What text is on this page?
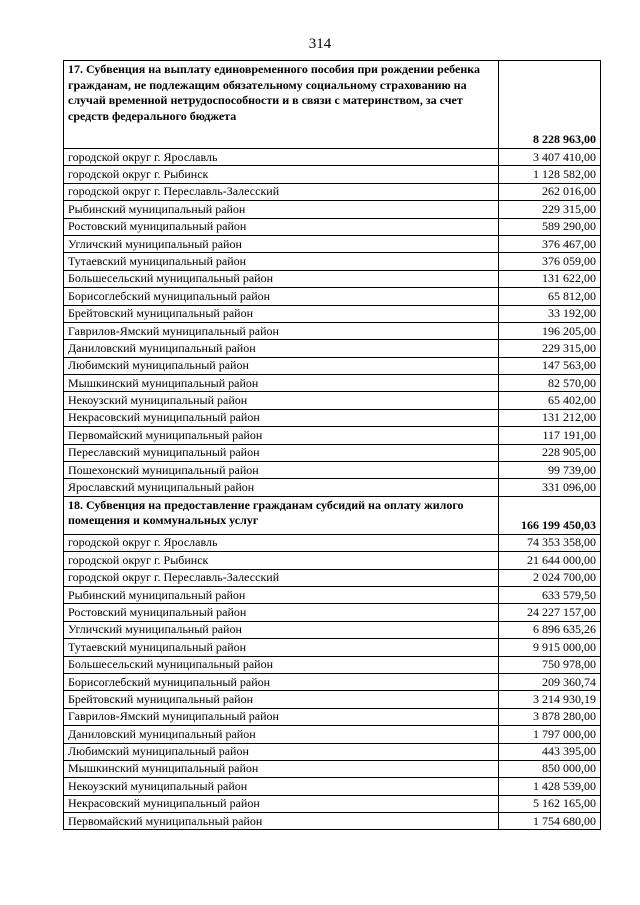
314
17. Субвенция на выплату единовременного пособия при рождении ребенка гражданам, не подлежащим обязательному социальному страхованию на случай временной нетрудоспособности и в связи с материнством, за счет средств федерального бюджета	8 228 963,00
городской округ г. Ярославль	3 407 410,00
городской округ г. Рыбинск	1 128 582,00
городской округ г. Переславль-Залесский	262 016,00
Рыбинский муниципальный район	229 315,00
Ростовский муниципальный район	589 290,00
Угличский муниципальный район	376 467,00
Тутаевский муниципальный район	376 059,00
Большесельский муниципальный район	131 622,00
Борисоглебский муниципальный район	65 812,00
Брейтовский муниципальный район	33 192,00
Гаврилов-Ямский муниципальный район	196 205,00
Даниловский муниципальный район	229 315,00
Любимский муниципальный район	147 563,00
Мышкинский муниципальный район	82 570,00
Некоузский муниципальный район	65 402,00
Некрасовский муниципальный район	131 212,00
Первомайский муниципальный район	117 191,00
Переславский муниципальный район	228 905,00
Пошехонский муниципальный район	99 739,00
Ярославский муниципальный район	331 096,00
18. Субвенция на предоставление гражданам субсидий на оплату жилого помещения и коммунальных услуг	166 199 450,03
городской округ г. Ярославль	74 353 358,00
городской округ г. Рыбинск	21 644 000,00
городской округ г. Переславль-Залесский	2 024 700,00
Рыбинский муниципальный район	633 579,50
Ростовский муниципальный район	24 227 157,00
Угличский муниципальный район	6 896 635,26
Тутаевский муниципальный район	9 915 000,00
Большесельский муниципальный район	750 978,00
Борисоглебский муниципальный район	209 360,74
Брейтовский муниципальный район	3 214 930,19
Гаврилов-Ямский муниципальный район	3 878 280,00
Даниловский муниципальный район	1 797 000,00
Любимский муниципальный район	443 395,00
Мышкинский муниципальный район	850 000,00
Некоузский муниципальный район	1 428 539,00
Некрасовский муниципальный район	5 162 165,00
Первомайский муниципальный район	1 754 680,00
